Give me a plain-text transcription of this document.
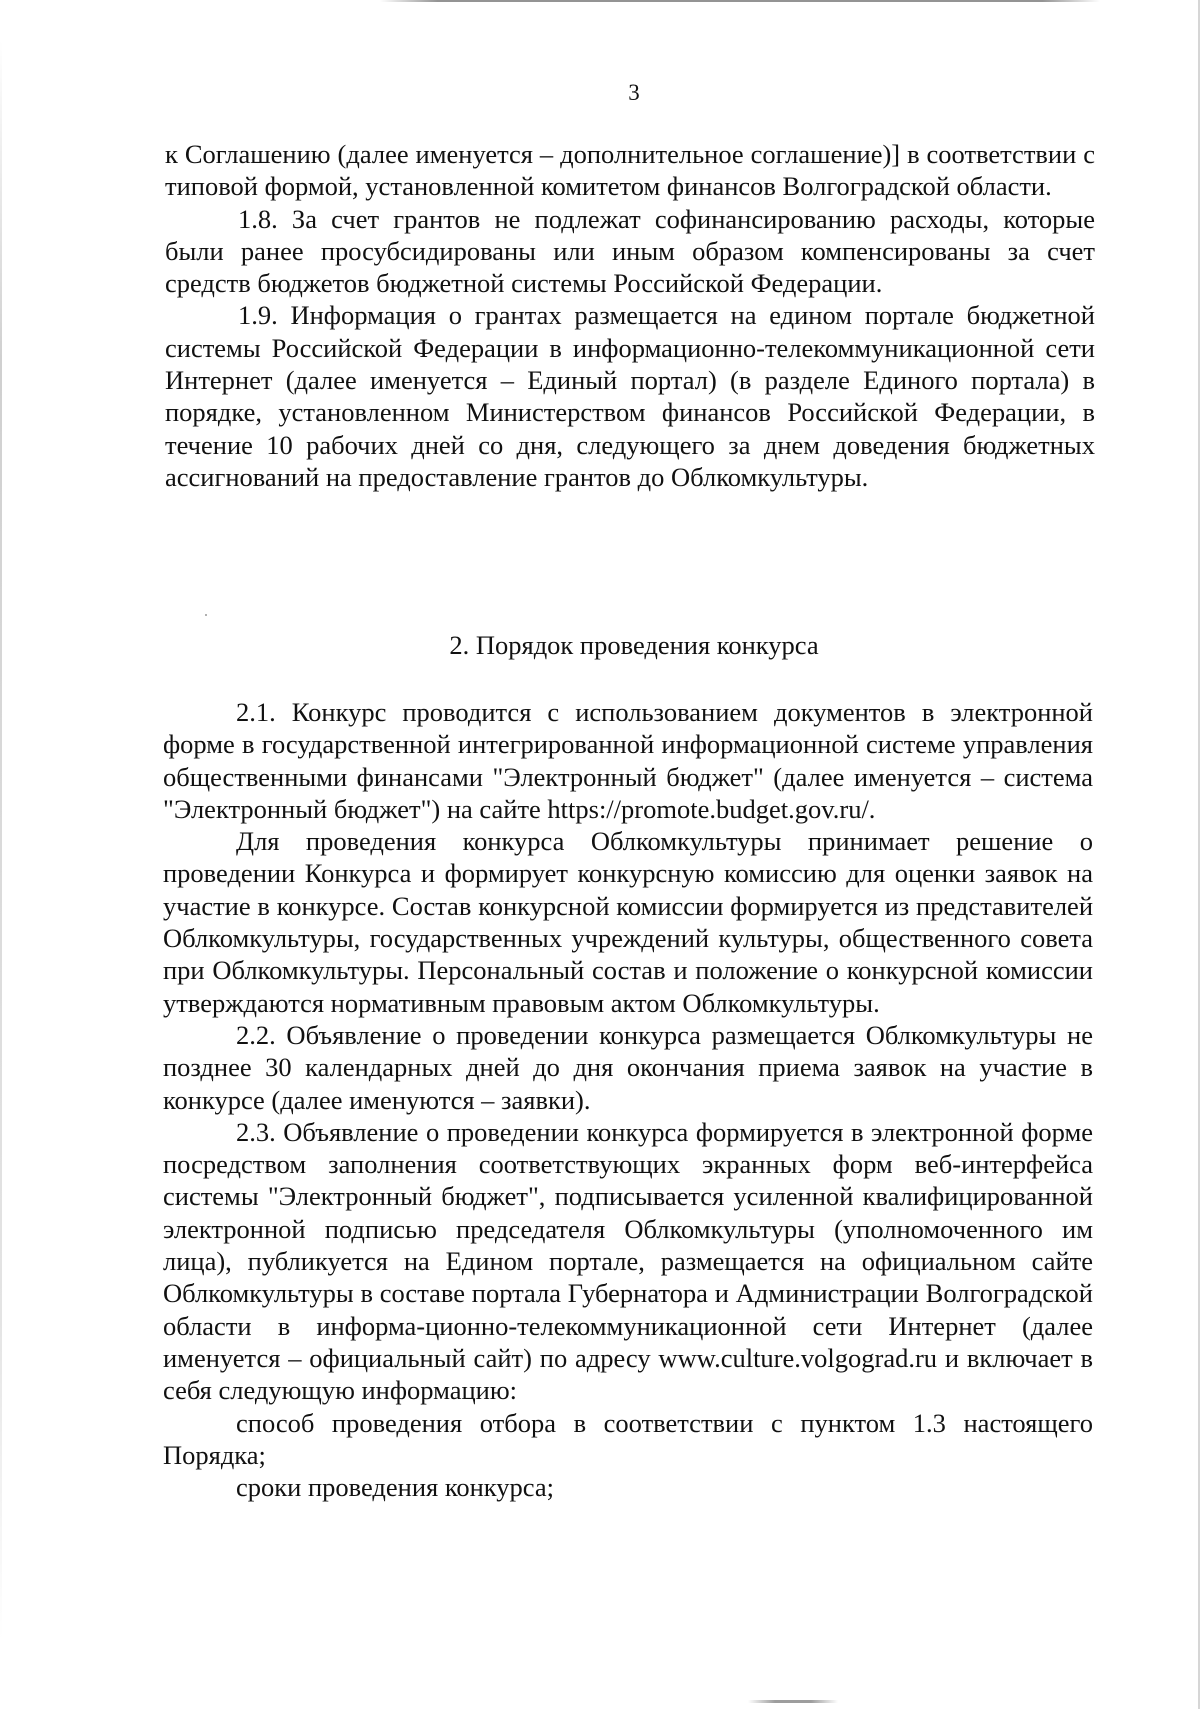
3

к Соглашению (далее именуется – дополнительное соглашение)] в соответствии с типовой формой, установленной комитетом финансов Волгоградской области.

1.8. За счет грантов не подлежат софинансированию расходы, которые были ранее просубсидированы или иным образом компенсированы за счет средств бюджетов бюджетной системы Российской Федерации.

1.9. Информация о грантах размещается на едином портале бюджетной системы Российской Федерации в информационно-телекоммуникационной сети Интернет (далее именуется – Единый портал) (в разделе Единого портала) в порядке, установленном Министерством финансов Российской Федерации, в течение 10 рабочих дней со дня, следующего за днем доведения бюджетных ассигнований на предоставление грантов до Облкомкультуры.

2. Порядок проведения конкурса

2.1. Конкурс проводится с использованием документов в электронной форме в государственной интегрированной информационной системе управления общественными финансами "Электронный бюджет" (далее именуется – система "Электронный бюджет") на сайте https://promote.budget.gov.ru/.

Для проведения конкурса Облкомкультуры принимает решение о проведении Конкурса и формирует конкурсную комиссию для оценки заявок на участие в конкурсе. Состав конкурсной комиссии формируется из представителей Облкомкультуры, государственных учреждений культуры, общественного совета при Облкомкультуры. Персональный состав и положение о конкурсной комиссии утверждаются нормативным правовым актом Облкомкультуры.

2.2. Объявление о проведении конкурса размещается Облкомкультуры не позднее 30 календарных дней до дня окончания приема заявок на участие в конкурсе (далее именуются – заявки).

2.3. Объявление о проведении конкурса формируется в электронной форме посредством заполнения соответствующих экранных форм веб-интерфейса системы "Электронный бюджет", подписывается усиленной квалифицированной электронной подписью председателя Облкомкультуры (уполномоченного им лица), публикуется на Едином портале, размещается на официальном сайте Облкомкультуры в составе портала Губернатора и Администрации Волгоградской области в информа-ционно-телекоммуникационной сети Интернет (далее именуется – официальный сайт) по адресу www.culture.volgograd.ru и включает в себя следующую информацию:

способ проведения отбора в соответствии с пунктом 1.3 настоящего Порядка;

сроки проведения конкурса;
